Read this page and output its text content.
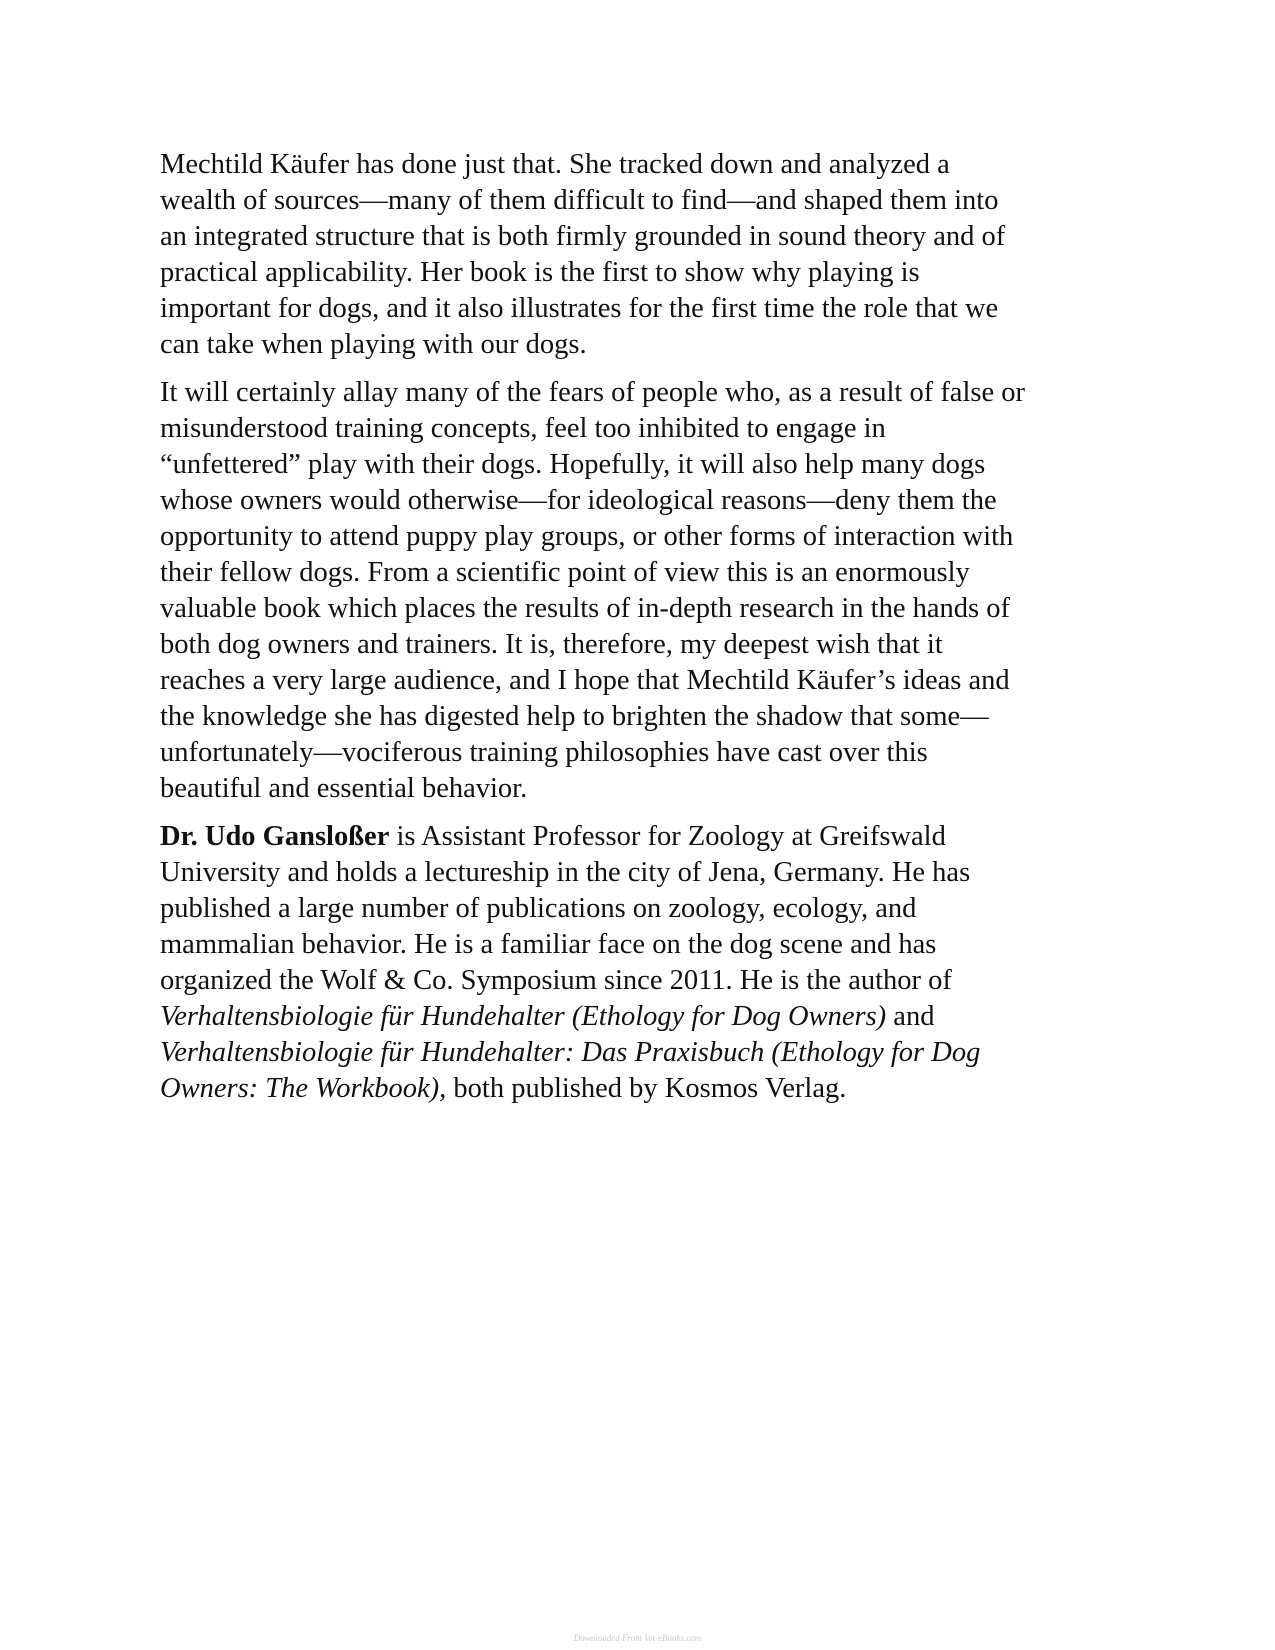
Mechtild Käufer has done just that. She tracked down and analyzed a
wealth of sources—many of them difficult to find—and shaped them into
an integrated structure that is both firmly grounded in sound theory and of
practical applicability. Her book is the first to show why playing is
important for dogs, and it also illustrates for the first time the role that we
can take when playing with our dogs.

It will certainly allay many of the fears of people who, as a result of false or
misunderstood training concepts, feel too inhibited to engage in
“unfettered” play with their dogs. Hopefully, it will also help many dogs
whose owners would otherwise—for ideological reasons—deny them the
opportunity to attend puppy play groups, or other forms of interaction with
their fellow dogs. From a scientific point of view this is an enormously
valuable book which places the results of in-depth research in the hands of
both dog owners and trainers. It is, therefore, my deepest wish that it
reaches a very large audience, and I hope that Mechtild Käufer’s ideas and
the knowledge she has digested help to brighten the shadow that some—
unfortunately—vociferous training philosophies have cast over this
beautiful and essential behavior.

Dr. Udo Gansloßer is Assistant Professor for Zoology at Greifswald
University and holds a lectureship in the city of Jena, Germany. He has
published a large number of publications on zoology, ecology, and
mammalian behavior. He is a familiar face on the dog scene and has
organized the Wolf & Co. Symposium since 2011. He is the author of
Verhaltensbiologie für Hundehalter (Ethology for Dog Owners) and
Verhaltensbiologie für Hundehalter: Das Praxisbuch (Ethology for Dog
Owners: The Workbook), both published by Kosmos Verlag.

Downloaded From Vet-eBooks.com
